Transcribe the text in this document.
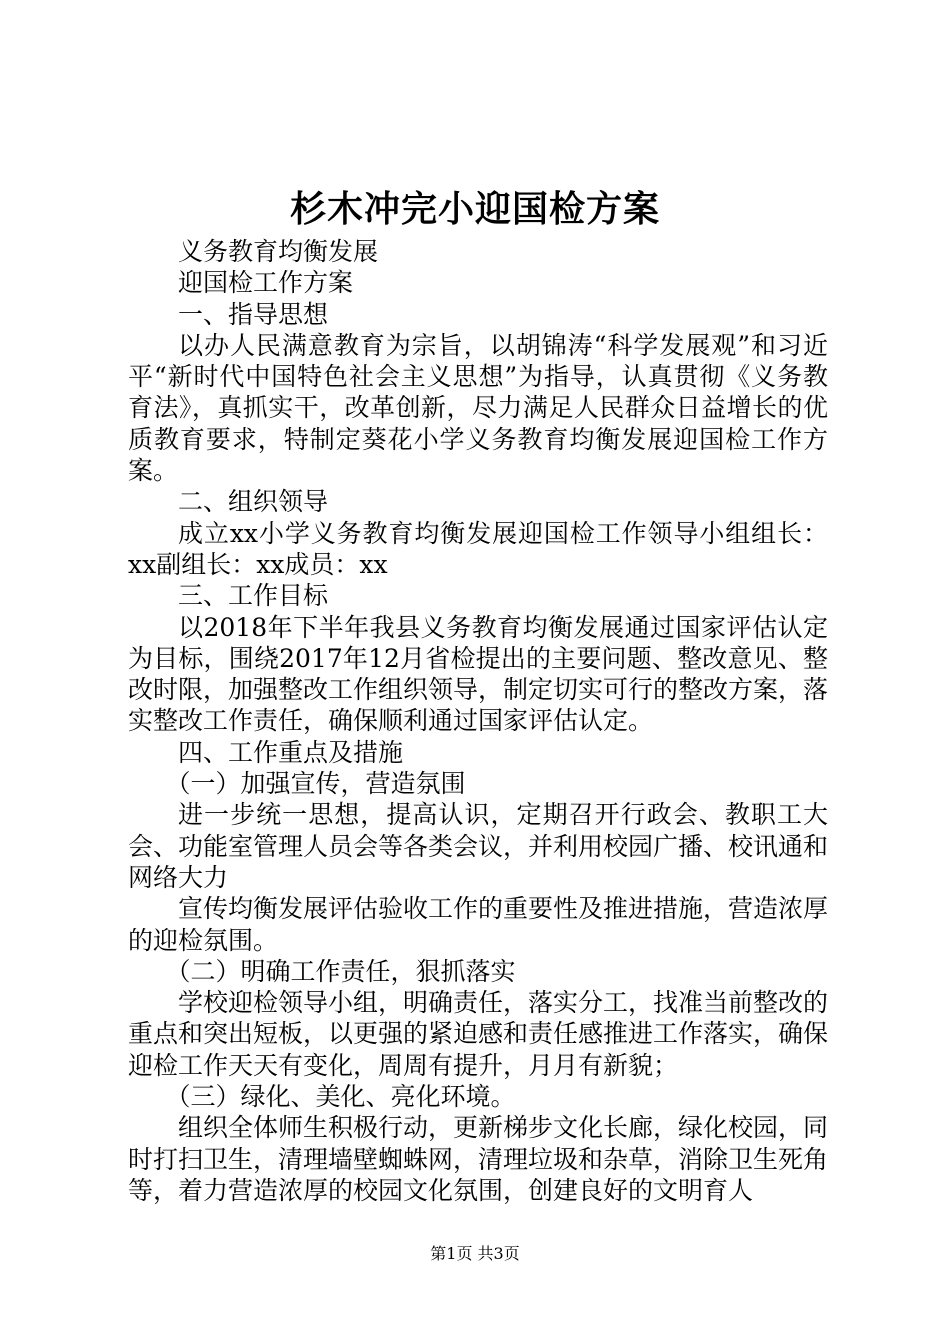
杉木冲完小迎国检方案

义务教育均衡发展

迎国检工作方案

一、指导思想

以办人民满意教育为宗旨，以胡锦涛“科学发展观”和习近平“新时代中国特色社会主义思想”为指导，认真贯彻《义务教育法》，真抓实干，改革创新，尽力满足人民群众日益增长的优质教育要求，特制定葵花小学义务教育均衡发展迎国检工作方案。

二、组织领导

成立xx小学义务教育均衡发展迎国检工作领导小组组长：xx副组长：xx成员：xx

三、工作目标

以2018年下半年我县义务教育均衡发展通过国家评估认定为目标，围绕2017年12月省检提出的主要问题、整改意见、整改时限，加强整改工作组织领导，制定切实可行的整改方案，落实整改工作责任，确保顺利通过国家评估认定。

四、工作重点及措施

（一）加强宣传，营造氛围

进一步统一思想，提高认识，定期召开行政会、教职工大会、功能室管理人员会等各类会议，并利用校园广播、校讯通和网络大力

宣传均衡发展评估验收工作的重要性及推进措施，营造浓厚的迎检氛围。

（二）明确工作责任，狠抓落实

学校迎检领导小组，明确责任，落实分工，找准当前整改的重点和突出短板，以更强的紧迫感和责任感推进工作落实，确保迎检工作天天有变化，周周有提升，月月有新貌；

（三）绿化、美化、亮化环境。

组织全体师生积极行动，更新梯步文化长廊，绿化校园，同时打扫卫生，清理墙壁蜘蛛网，清理垃圾和杂草，消除卫生死角等，着力营造浓厚的校园文化氛围，创建良好的文明育人

第1页 共3页
